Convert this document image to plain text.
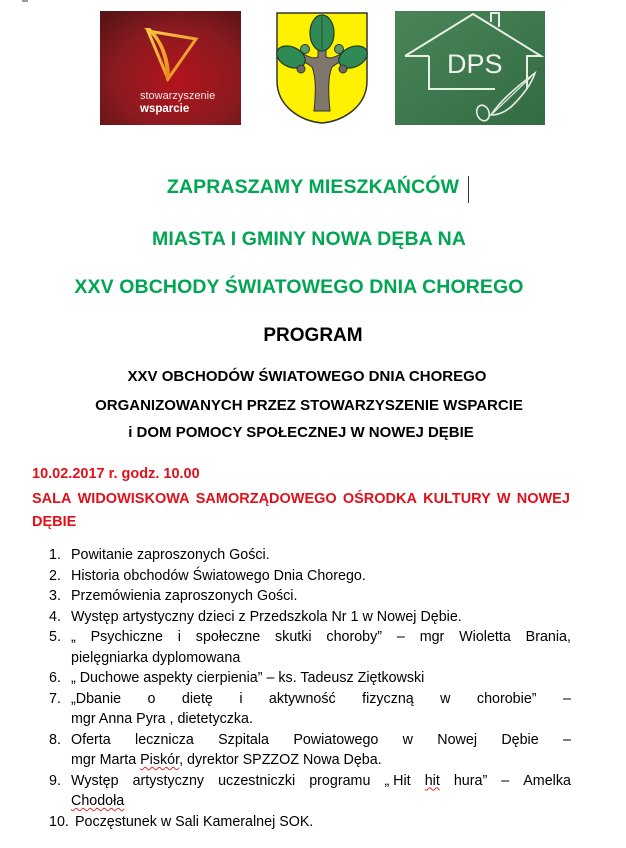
stowarzyszenie
wsparcie
DPS
ZAPRASZAMY MIESZKAŃCÓW
MIASTA I GMINY NOWA DĘBA NA
XXV OBCHODY ŚWIATOWEGO DNIA CHOREGO
PROGRAM
XXV OBCHODÓW ŚWIATOWEGO DNIA CHOREGO
ORGANIZOWANYCH PRZEZ STOWARZYSZENIE WSPARCIE
i DOM POMOCY SPOŁECZNEJ W NOWEJ DĘBIE
10.02.2017 r. godz. 10.00
SALA WIDOWISKOWA SAMORZĄDOWEGO OŚRODKA KULTURY W NOWEJ
DĘBIE
1. Powitanie zaproszonych Gości.
2. Historia obchodów Światowego Dnia Chorego.
3. Przemówienia zaproszonych Gości.
4. Występ artystyczny dzieci z Przedszkola Nr 1 w Nowej Dębie.
5. „ Psychiczne i społeczne skutki choroby” – mgr Wioletta Brania,
pielęgniarka dyplomowana
6. „ Duchowe aspekty cierpienia” – ks. Tadeusz Ziętkowski
7. „Dbanie o dietę i aktywność fizyczną w chorobie” –
mgr Anna Pyra , dietetyczka.
8. Oferta lecznicza Szpitala Powiatowego w Nowej Dębie –
mgr Marta Piskór, dyrektor SPZZOZ Nowa Dęba.
9. Występ artystyczny uczestniczki programu „ Hit hit hura” – Amelka
Chodoła
10. Poczęstunek w Sali Kameralnej SOK.
